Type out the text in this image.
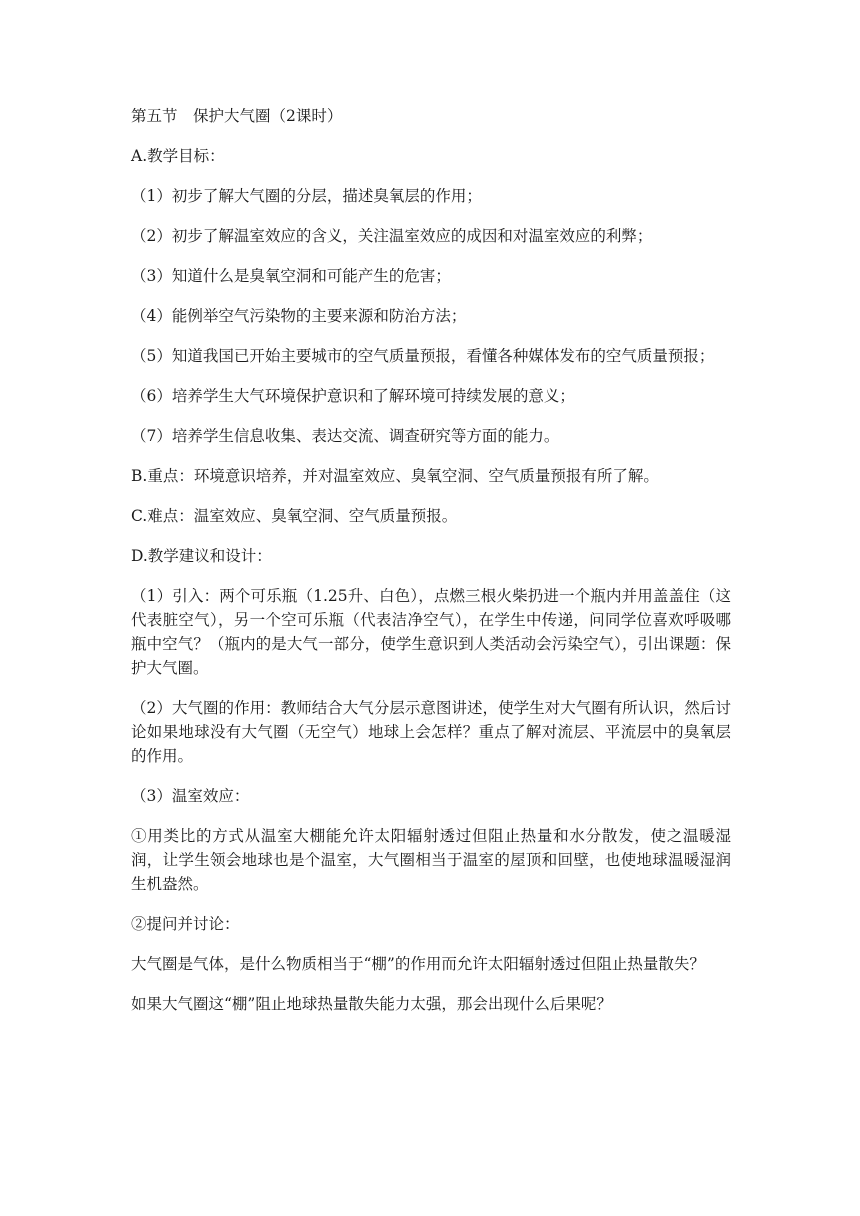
第五节　保护大气圈（2课时）

A.教学目标：

（1）初步了解大气圈的分层，描述臭氧层的作用；

（2）初步了解温室效应的含义，关注温室效应的成因和对温室效应的利弊；

（3）知道什么是臭氧空洞和可能产生的危害；

（4）能例举空气污染物的主要来源和防治方法；

（5）知道我国已开始主要城市的空气质量预报，看懂各种媒体发布的空气质量预报；

（6）培养学生大气环境保护意识和了解环境可持续发展的意义；

（7）培养学生信息收集、表达交流、调查研究等方面的能力。

B.重点：环境意识培养，并对温室效应、臭氧空洞、空气质量预报有所了解。

C.难点：温室效应、臭氧空洞、空气质量预报。

D.教学建议和设计：

（1）引入：两个可乐瓶（1.25升、白色），点燃三根火柴扔进一个瓶内并用盖盖住（这代表脏空气），另一个空可乐瓶（代表洁净空气），在学生中传递，问同学位喜欢呼吸哪瓶中空气？（瓶内的是大气一部分，使学生意识到人类活动会污染空气），引出课题：保护大气圈。

（2）大气圈的作用：教师结合大气分层示意图讲述，使学生对大气圈有所认识，然后讨论如果地球没有大气圈（无空气）地球上会怎样？重点了解对流层、平流层中的臭氧层的作用。

（3）温室效应：

①用类比的方式从温室大棚能允许太阳辐射透过但阻止热量和水分散发，使之温暖湿润，让学生领会地球也是个温室，大气圈相当于温室的屋顶和回壁，也使地球温暖湿润生机盎然。

②提问并讨论：

大气圈是气体，是什么物质相当于“棚”的作用而允许太阳辐射透过但阻止热量散失？

如果大气圈这“棚”阻止地球热量散失能力太强，那会出现什么后果呢？
